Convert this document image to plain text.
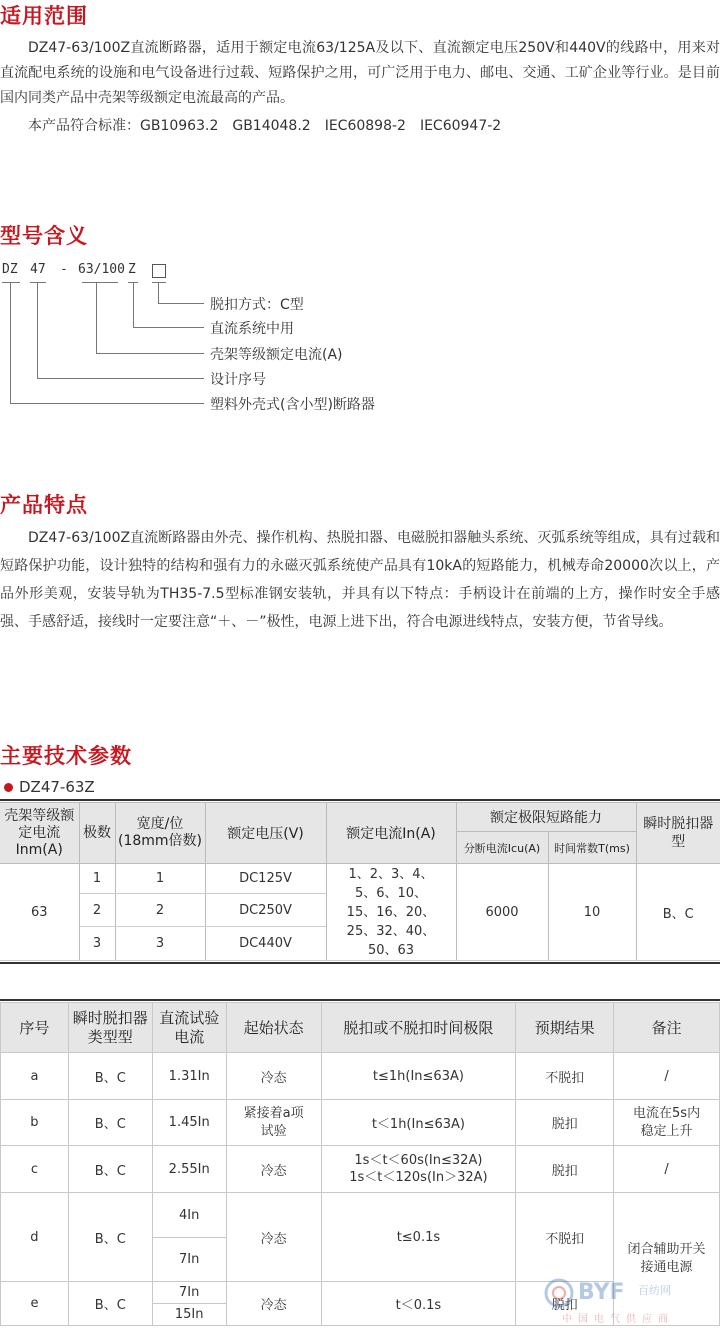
适用范围

DZ47-63/100Z直流断路器，适用于额定电流63/125A及以下、直流额定电压250V和440V的线路中，用来对直流配电系统的设施和电气设备进行过载、短路保护之用，可广泛用于电力、邮电、交通、工矿企业等行业。是目前国内同类产品中壳架等级额定电流最高的产品。

本产品符合标准：GB10963.2　GB14048.2　IEC60898-2　IEC60947-2

型号含义
DZ 47 - 63/100 Z
脱扣方式：C型
直流系统中用
壳架等级额定电流(A)
设计序号
塑料外壳式(含小型)断路器
产品特点

DZ47-63/100Z直流断路器由外壳、操作机构、热脱扣器、电磁脱扣器触头系统、灭弧系统等组成，具有过载和短路保护功能，设计独特的结构和强有力的永磁灭弧系统使产品具有10kA的短路能力，机械寿命20000次以上，产品外形美观，安装导轨为TH35-7.5型标准钢安装轨，并具有以下特点：手柄设计在前端的上方，操作时安全手感强、手感舒适，接线时一定要注意“＋、－”极性，电源上进下出，符合电源进线特点，安装方便，节省导线。

主要技术参数
DZ47-63Z
壳架等级额定电流Inm(A)	极数	宽度/位(18mm倍数)	额定电压(V)	额定电流In(A)	额定极限短路能力		瞬时脱扣器型
					分断电流Icu(A)	时间常数T(ms)	
63	1	1	DC125V	1、2、3、4、5、6、10、15、16、20、25、32、40、50、63	6000	10	B、C
	2	2	DC250V				
	3	3	DC440V				
序号	瞬时脱扣器类型型	直流试验电流	起始状态	脱扣或不脱扣时间极限	预期结果	备注
a	B、C	1.31In	冷态	t≤1h(In≤63A)	不脱扣	/
b	B、C	1.45In	紧接着a项试验	t＜1h(In≤63A)	脱扣	电流在5s内稳定上升
c	B、C	2.55In	冷态	1s＜t＜60s(In≤32A)
1s＜t＜120s(In＞32A)	脱扣	/
d	B、C	4In	冷态	t≤0.1s	不脱扣	闭合辅助开关接通电源
		7In				
e	B、C	7In	冷态	t＜0.1s	脱扣	
		15In				
BYF 百纺网
中国电气供应商
